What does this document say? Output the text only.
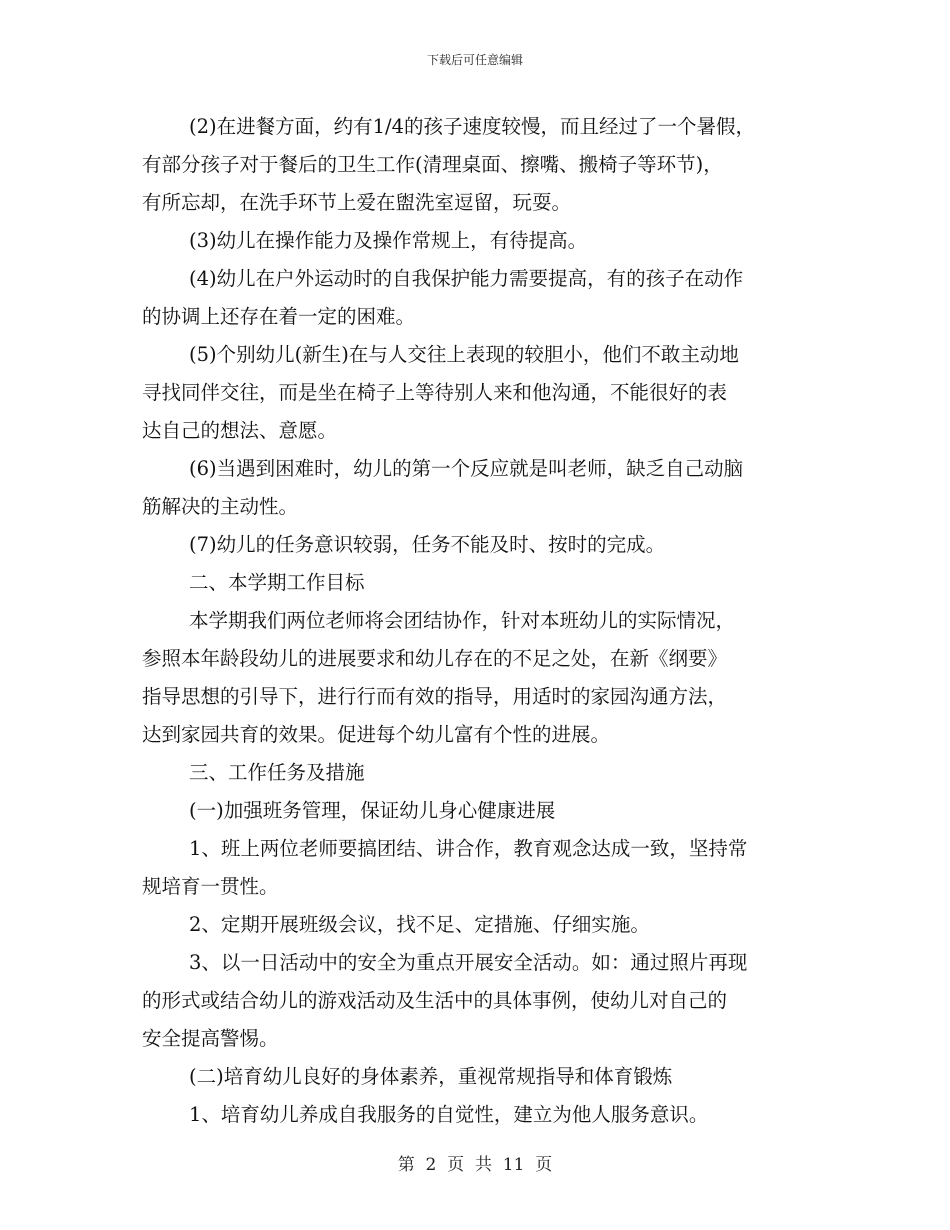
下载后可任意编辑
(2)在进餐方面，约有1/4的孩子速度较慢，而且经过了一个暑假，
有部分孩子对于餐后的卫生工作(清理桌面、擦嘴、搬椅子等环节)，
有所忘却，在洗手环节上爱在盥洗室逗留，玩耍。
(3)幼儿在操作能力及操作常规上，有待提高。
(4)幼儿在户外运动时的自我保护能力需要提高，有的孩子在动作
的协调上还存在着一定的困难。
(5)个别幼儿(新生)在与人交往上表现的较胆小，他们不敢主动地
寻找同伴交往，而是坐在椅子上等待别人来和他沟通，不能很好的表
达自己的想法、意愿。
(6)当遇到困难时，幼儿的第一个反应就是叫老师，缺乏自己动脑
筋解决的主动性。
(7)幼儿的任务意识较弱，任务不能及时、按时的完成。
二、本学期工作目标
本学期我们两位老师将会团结协作，针对本班幼儿的实际情况，
参照本年龄段幼儿的进展要求和幼儿存在的不足之处，在新《纲要》
指导思想的引导下，进行行而有效的指导，用适时的家园沟通方法，
达到家园共育的效果。促进每个幼儿富有个性的进展。
三、工作任务及措施
(一)加强班务管理，保证幼儿身心健康进展
1、班上两位老师要搞团结、讲合作，教育观念达成一致，坚持常
规培育一贯性。
2、定期开展班级会议，找不足、定措施、仔细实施。
3、以一日活动中的安全为重点开展安全活动。如：通过照片再现
的形式或结合幼儿的游戏活动及生活中的具体事例，使幼儿对自己的
安全提高警惕。
(二)培育幼儿良好的身体素养，重视常规指导和体育锻炼
1、培育幼儿养成自我服务的自觉性，建立为他人服务意识。
第  2  页  共  11  页
